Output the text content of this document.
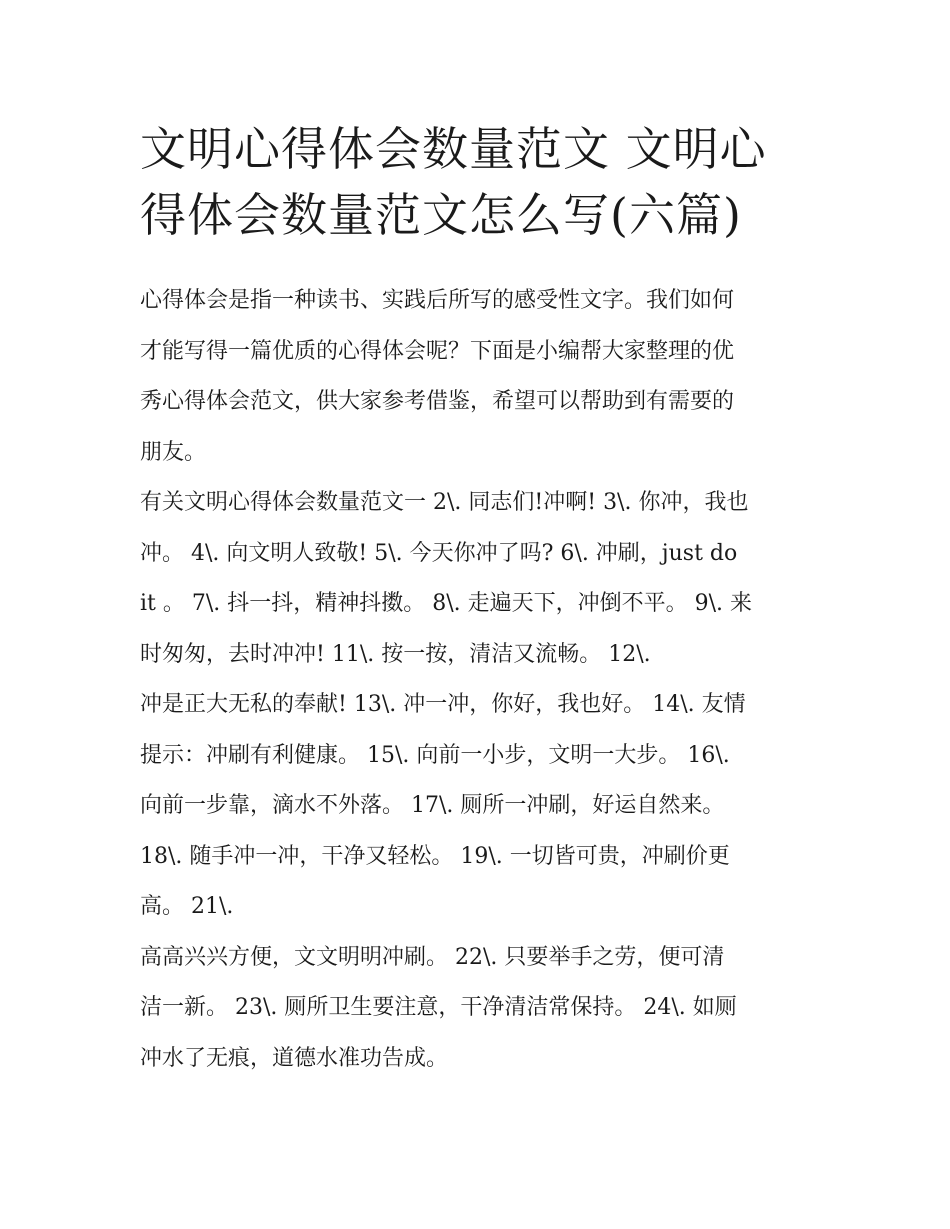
文明心得体会数量范文 文明心
得体会数量范文怎么写(六篇)
心得体会是指一种读书、实践后所写的感受性文字。我们如何
才能写得一篇优质的心得体会呢？下面是小编帮大家整理的优
秀心得体会范文，供大家参考借鉴，希望可以帮助到有需要的
朋友。
有关文明心得体会数量范文一 2\. 同志们!冲啊! 3\. 你冲，我也
冲。 4\. 向文明人致敬! 5\. 今天你冲了吗? 6\. 冲刷，just do
it 。 7\. 抖一抖，精神抖擞。 8\. 走遍天下，冲倒不平。 9\. 来
时匆匆，去时冲冲! 11\. 按一按，清洁又流畅。 12\.
冲是正大无私的奉献! 13\. 冲一冲，你好，我也好。 14\. 友情
提示：冲刷有利健康。 15\. 向前一小步，文明一大步。 16\.
向前一步靠，滴水不外落。 17\. 厕所一冲刷，好运自然来。
18\. 随手冲一冲，干净又轻松。 19\. 一切皆可贵，冲刷价更
高。 21\.
高高兴兴方便，文文明明冲刷。 22\. 只要举手之劳，便可清
洁一新。 23\. 厕所卫生要注意，干净清洁常保持。 24\. 如厕
冲水了无痕，道德水准功告成。
